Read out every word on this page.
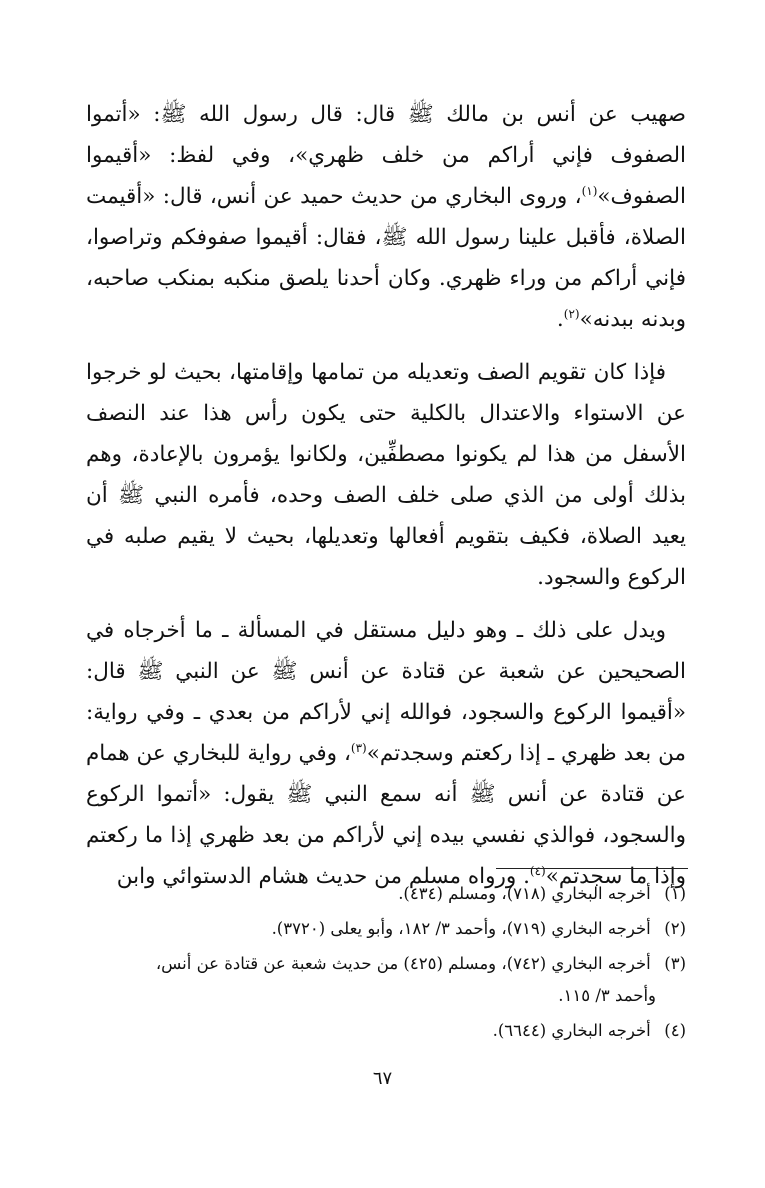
صهيب عن أنس بن مالك ﷺ قال: قال رسول الله ﷺ: «أتموا الصفوف فإني أراكم من خلف ظهري»، وفي لفظ: «أقيموا الصفوف»$^{(١)}$، وروى البخاري من حديث حميد عن أنس، قال: «أقيمت الصلاة، فأقبل علينا رسول الله ﷺ، فقال: أقيموا صفوفكم وتراصوا، فإني أراكم من وراء ظهري. وكان أحدنا يلصق منكبه بمنكب صاحبه، وبدنه ببدنه»$^{(٢)}$.

فإذا كان تقويم الصف وتعديله من تمامها وإقامتها، بحيث لو خرجوا عن الاستواء والاعتدال بالكلية حتى يكون رأس هذا عند النصف الأسفل من هذا لم يكونوا مصطفِّين، ولكانوا يؤمرون بالإعادة، وهم بذلك أولى من الذي صلى خلف الصف وحده، فأمره النبي ﷺ أن يعيد الصلاة، فكيف بتقويم أفعالها وتعديلها، بحيث لا يقيم صلبه في الركوع والسجود.

ويدل على ذلك ـ وهو دليل مستقل في المسألة ـ ما أخرجاه في الصحيحين عن شعبة عن قتادة عن أنس ﷺ عن النبي ﷺ قال: «أقيموا الركوع والسجود، فوالله إني لأراكم من بعدي ـ وفي رواية: من بعد ظهري ـ إذا ركعتم وسجدتم»$^{(٣)}$، وفي رواية للبخاري عن همام عن قتادة عن أنس ﷺ أنه سمع النبي ﷺ يقول: «أتموا الركوع والسجود، فوالذي نفسي بيده إني لأراكم من بعد ظهري إذا ما ركعتم وإذا ما سجدتم»$^{(٤)}$. ورواه مسلم من حديث هشام الدستوائي وابن

(١) أخرجه البخاري (٧١٨)، ومسلم (٤٣٤).

(٢) أخرجه البخاري (٧١٩)، وأحمد ٣/ ١٨٢، وأبو يعلى (٣٧٢٠).

(٣) أخرجه البخاري (٧٤٢)، ومسلم (٤٢٥) من حديث شعبة عن قتادة عن أنس،
وأحمد ٣/ ١١٥.

(٤) أخرجه البخاري (٦٦٤٤).

٦٧
